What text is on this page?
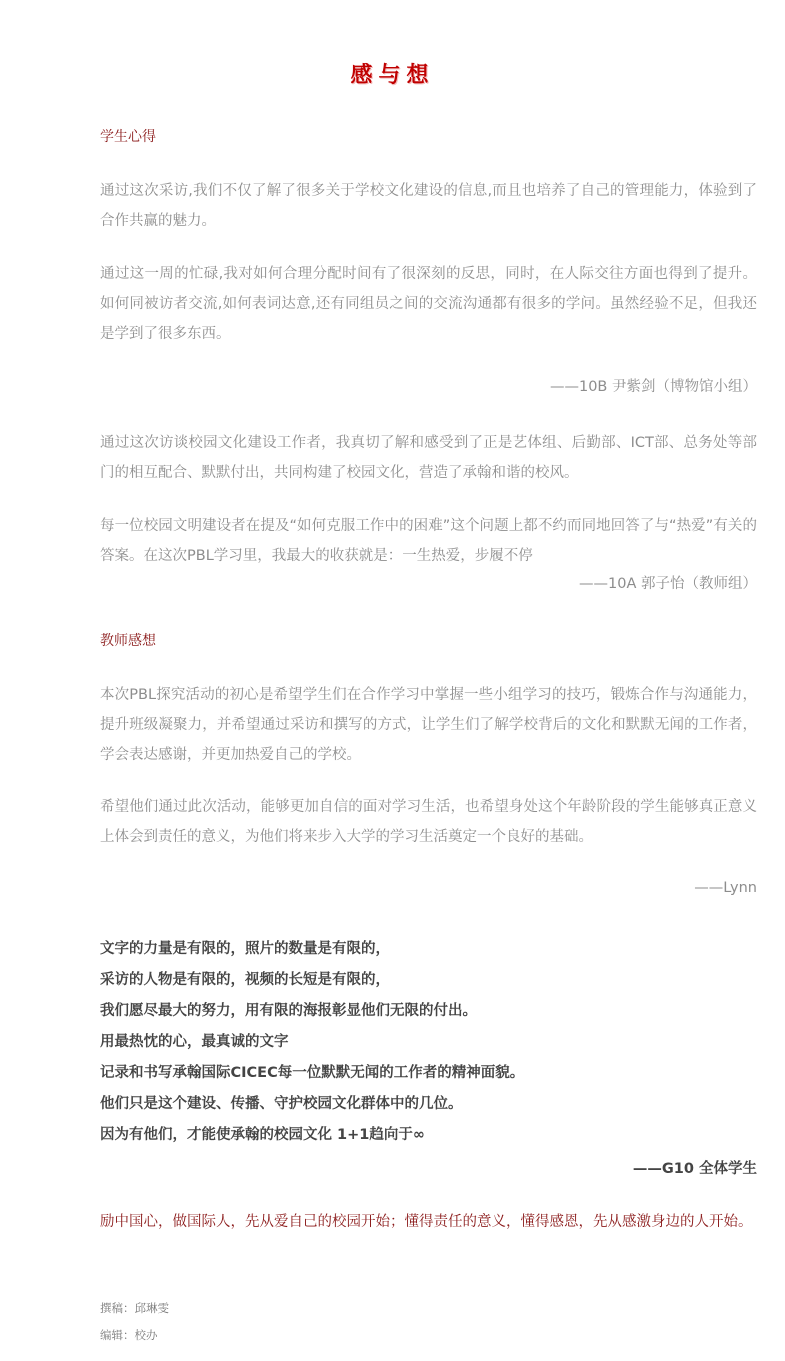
感与想
学生心得
通过这次采访,我们不仅了解了很多关于学校文化建设的信息,而且也培养了自己的管理能力，体验到了合作共赢的魅力。
通过这一周的忙碌,我对如何合理分配时间有了很深刻的反思，同时，在人际交往方面也得到了提升。如何同被访者交流,如何表词达意,还有同组员之间的交流沟通都有很多的学问。虽然经验不足，但我还是学到了很多东西。
——10B 尹紫剑（博物馆小组）
通过这次访谈校园文化建设工作者，我真切了解和感受到了正是艺体组、后勤部、ICT部、总务处等部门的相互配合、默默付出，共同构建了校园文化，营造了承翰和谐的校风。
每一位校园文明建设者在提及“如何克服工作中的困难”这个问题上都不约而同地回答了与“热爱”有关的答案。在这次PBL学习里，我最大的收获就是：一生热爱，步履不停
——10A 郭子怡（教师组）
教师感想
本次PBL探究活动的初心是希望学生们在合作学习中掌握一些小组学习的技巧，锻炼合作与沟通能力，提升班级凝聚力，并希望通过采访和撰写的方式，让学生们了解学校背后的文化和默默无闻的工作者，学会表达感谢，并更加热爱自己的学校。
希望他们通过此次活动，能够更加自信的面对学习生活，也希望身处这个年龄阶段的学生能够真正意义上体会到责任的意义，为他们将来步入大学的学习生活奠定一个良好的基础。
——Lynn
文字的力量是有限的，照片的数量是有限的，
采访的人物是有限的，视频的长短是有限的，
我们愿尽最大的努力，用有限的海报彰显他们无限的付出。
用最热忱的心，最真诚的文字
记录和书写承翰国际CICEC每一位默默无闻的工作者的精神面貌。
他们只是这个建设、传播、守护校园文化群体中的几位。
因为有他们，才能使承翰的校园文化 1+1趋向于∞
——G10 全体学生
励中国心，做国际人，先从爱自己的校园开始；懂得责任的意义，懂得感恩，先从感激身边的人开始。
撰稿：邱琳雯
编辑：校办
